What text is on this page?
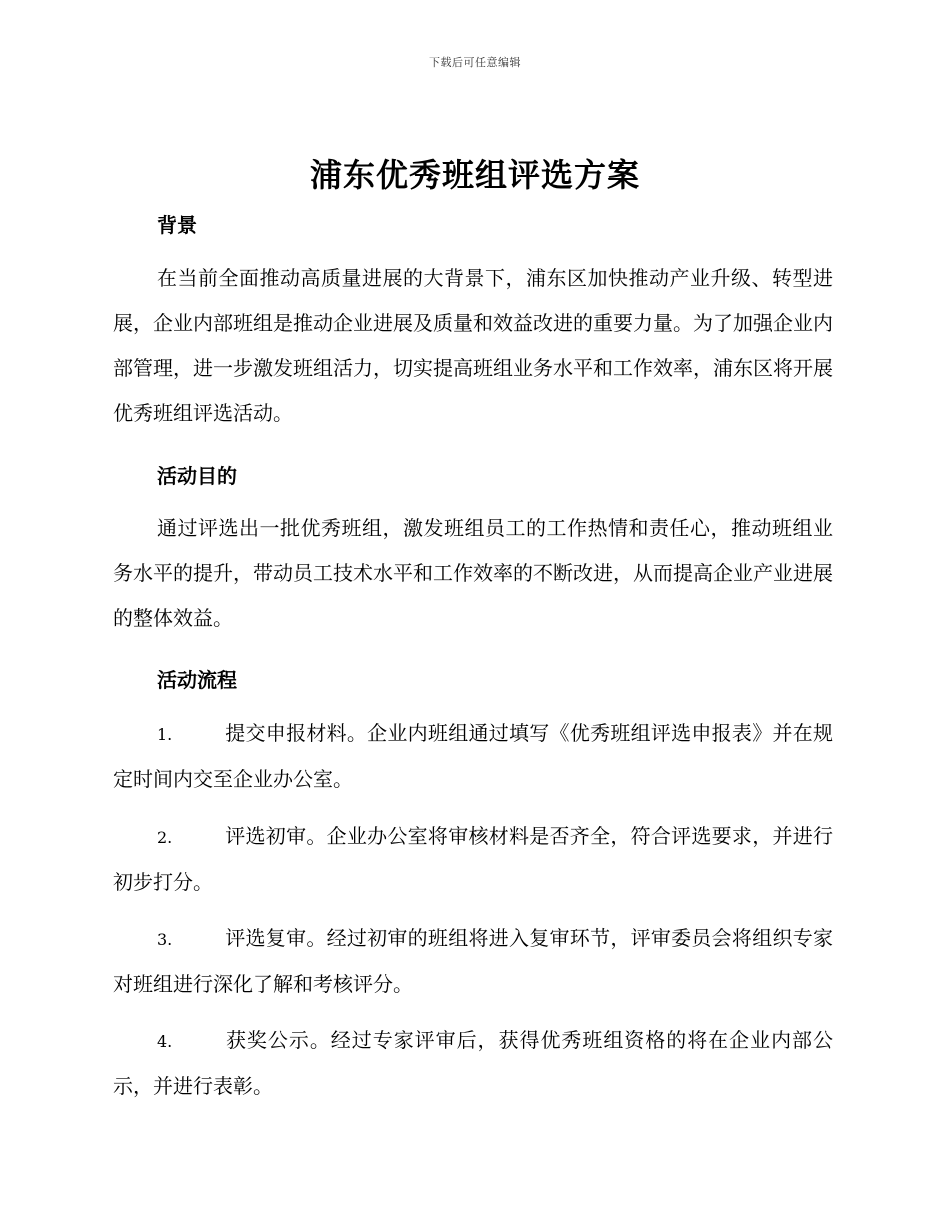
下载后可任意编辑
浦东优秀班组评选方案
背景
在当前全面推动高质量进展的大背景下，浦东区加快推动产业升级、转型进展，企业内部班组是推动企业进展及质量和效益改进的重要力量。为了加强企业内部管理，进一步激发班组活力，切实提高班组业务水平和工作效率，浦东区将开展优秀班组评选活动。
活动目的
通过评选出一批优秀班组，激发班组员工的工作热情和责任心，推动班组业务水平的提升，带动员工技术水平和工作效率的不断改进，从而提高企业产业进展的整体效益。
活动流程
1.	提交申报材料。企业内班组通过填写《优秀班组评选申报表》并在规定时间内交至企业办公室。
2.	评选初审。企业办公室将审核材料是否齐全，符合评选要求，并进行初步打分。
3.	评选复审。经过初审的班组将进入复审环节，评审委员会将组织专家对班组进行深化了解和考核评分。
4.	获奖公示。经过专家评审后，获得优秀班组资格的将在企业内部公示，并进行表彰。
